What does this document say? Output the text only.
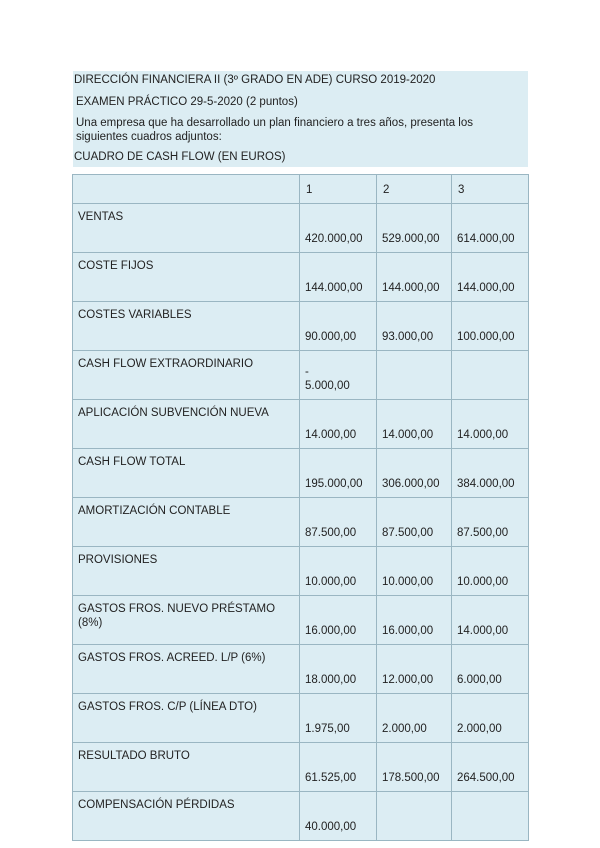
DIRECCIÓN FINANCIERA II (3º GRADO EN ADE) CURSO 2019-2020
EXAMEN PRÁCTICO 29-5-2020 (2 puntos)
Una empresa que ha desarrollado un plan financiero a tres años, presenta los siguientes cuadros adjuntos:
CUADRO DE CASH FLOW (EN EUROS)

	1	2	3

VENTAS	420.000,00	529.000,00	614.000,00

COSTE FIJOS	144.000,00	144.000,00	144.000,00

COSTES VARIABLES	90.000,00	93.000,00	100.000,00

CASH FLOW EXTRAORDINARIO	-
5.000,00		

APLICACIÓN SUBVENCIÓN NUEVA	14.000,00	14.000,00	14.000,00

CASH FLOW TOTAL	195.000,00	306.000,00	384.000,00

AMORTIZACIÓN CONTABLE	87.500,00	87.500,00	87.500,00

PROVISIONES	10.000,00	10.000,00	10.000,00

GASTOS FROS. NUEVO PRÉSTAMO (8%)	16.000,00	16.000,00	14.000,00

GASTOS FROS. ACREED. L/P (6%)	18.000,00	12.000,00	6.000,00

GASTOS FROS. C/P (LÍNEA DTO)	1.975,00	2.000,00	2.000,00

RESULTADO BRUTO	61.525,00	178.500,00	264.500,00

COMPENSACIÓN PÉRDIDAS	40.000,00		
